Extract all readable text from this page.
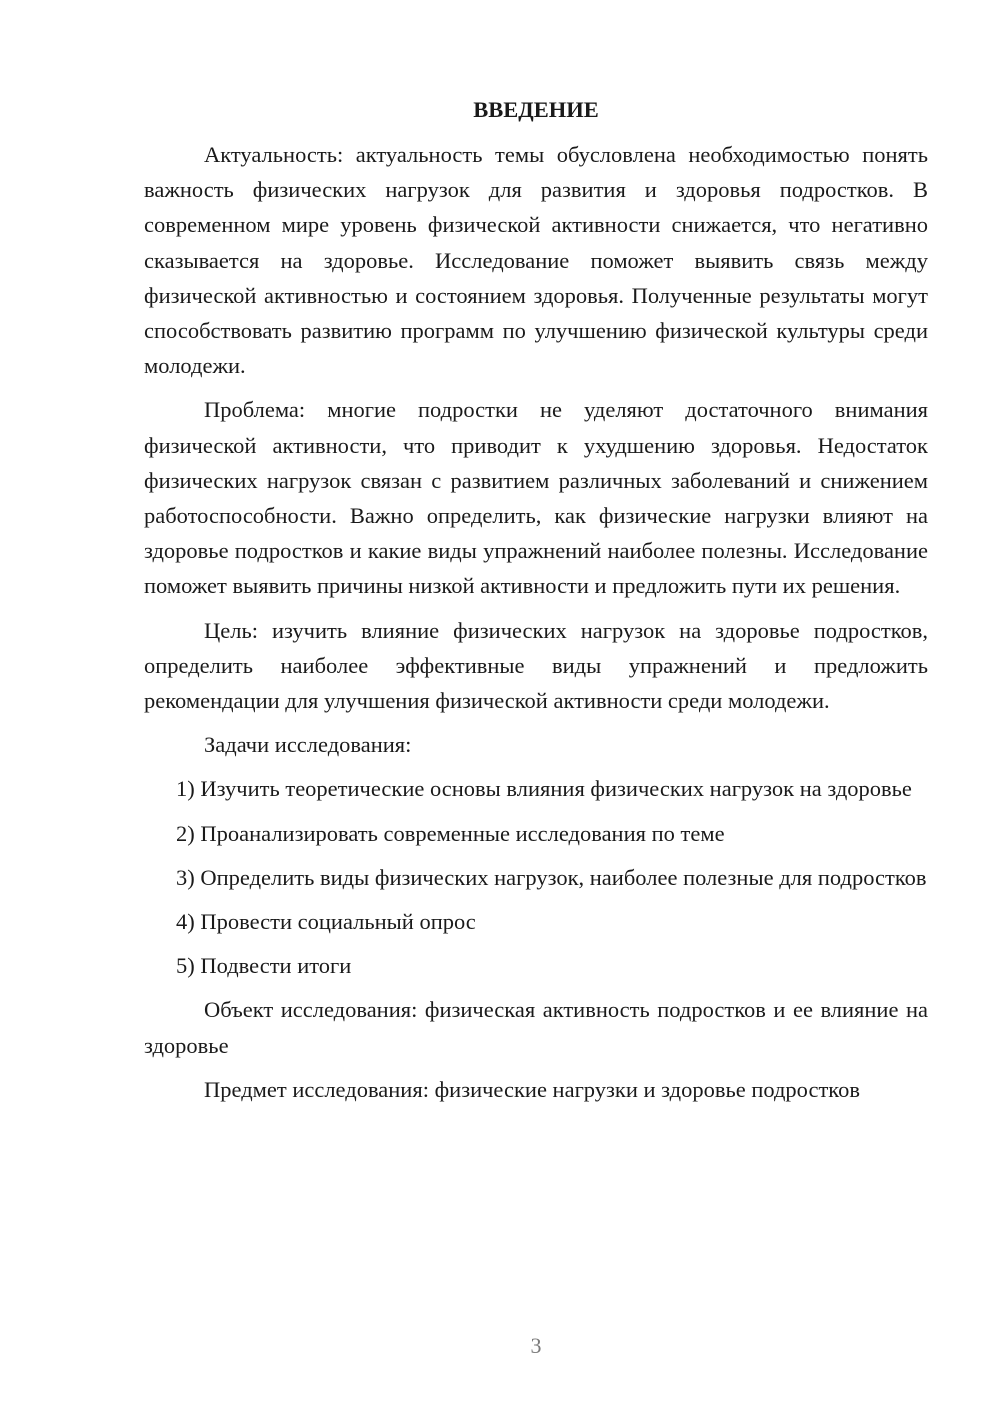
ВВЕДЕНИЕ

Актуальность: актуальность темы обусловлена необходимостью понять важность физических нагрузок для развития и здоровья подростков. В современном мире уровень физической активности снижается, что негативно сказывается на здоровье. Исследование поможет выявить связь между физической активностью и состоянием здоровья. Полученные результаты могут способствовать развитию программ по улучшению физической культуры среди молодежи.

Проблема: многие подростки не уделяют достаточного внимания физической активности, что приводит к ухудшению здоровья. Недостаток физических нагрузок связан с развитием различных заболеваний и снижением работоспособности. Важно определить, как физические нагрузки влияют на здоровье подростков и какие виды упражнений наиболее полезны. Исследование поможет выявить причины низкой активности и предложить пути их решения.

Цель: изучить влияние физических нагрузок на здоровье подростков, определить наиболее эффективные виды упражнений и предложить рекомендации для улучшения физической активности среди молодежи.

Задачи исследования:

1) Изучить теоретические основы влияния физических нагрузок на здоровье

2) Проанализировать современные исследования по теме

3) Определить виды физических нагрузок, наиболее полезные для подростков

4) Провести социальный опрос

5) Подвести итоги

Объект исследования: физическая активность подростков и ее влияние на здоровье

Предмет исследования: физические нагрузки и здоровье подростков

3
